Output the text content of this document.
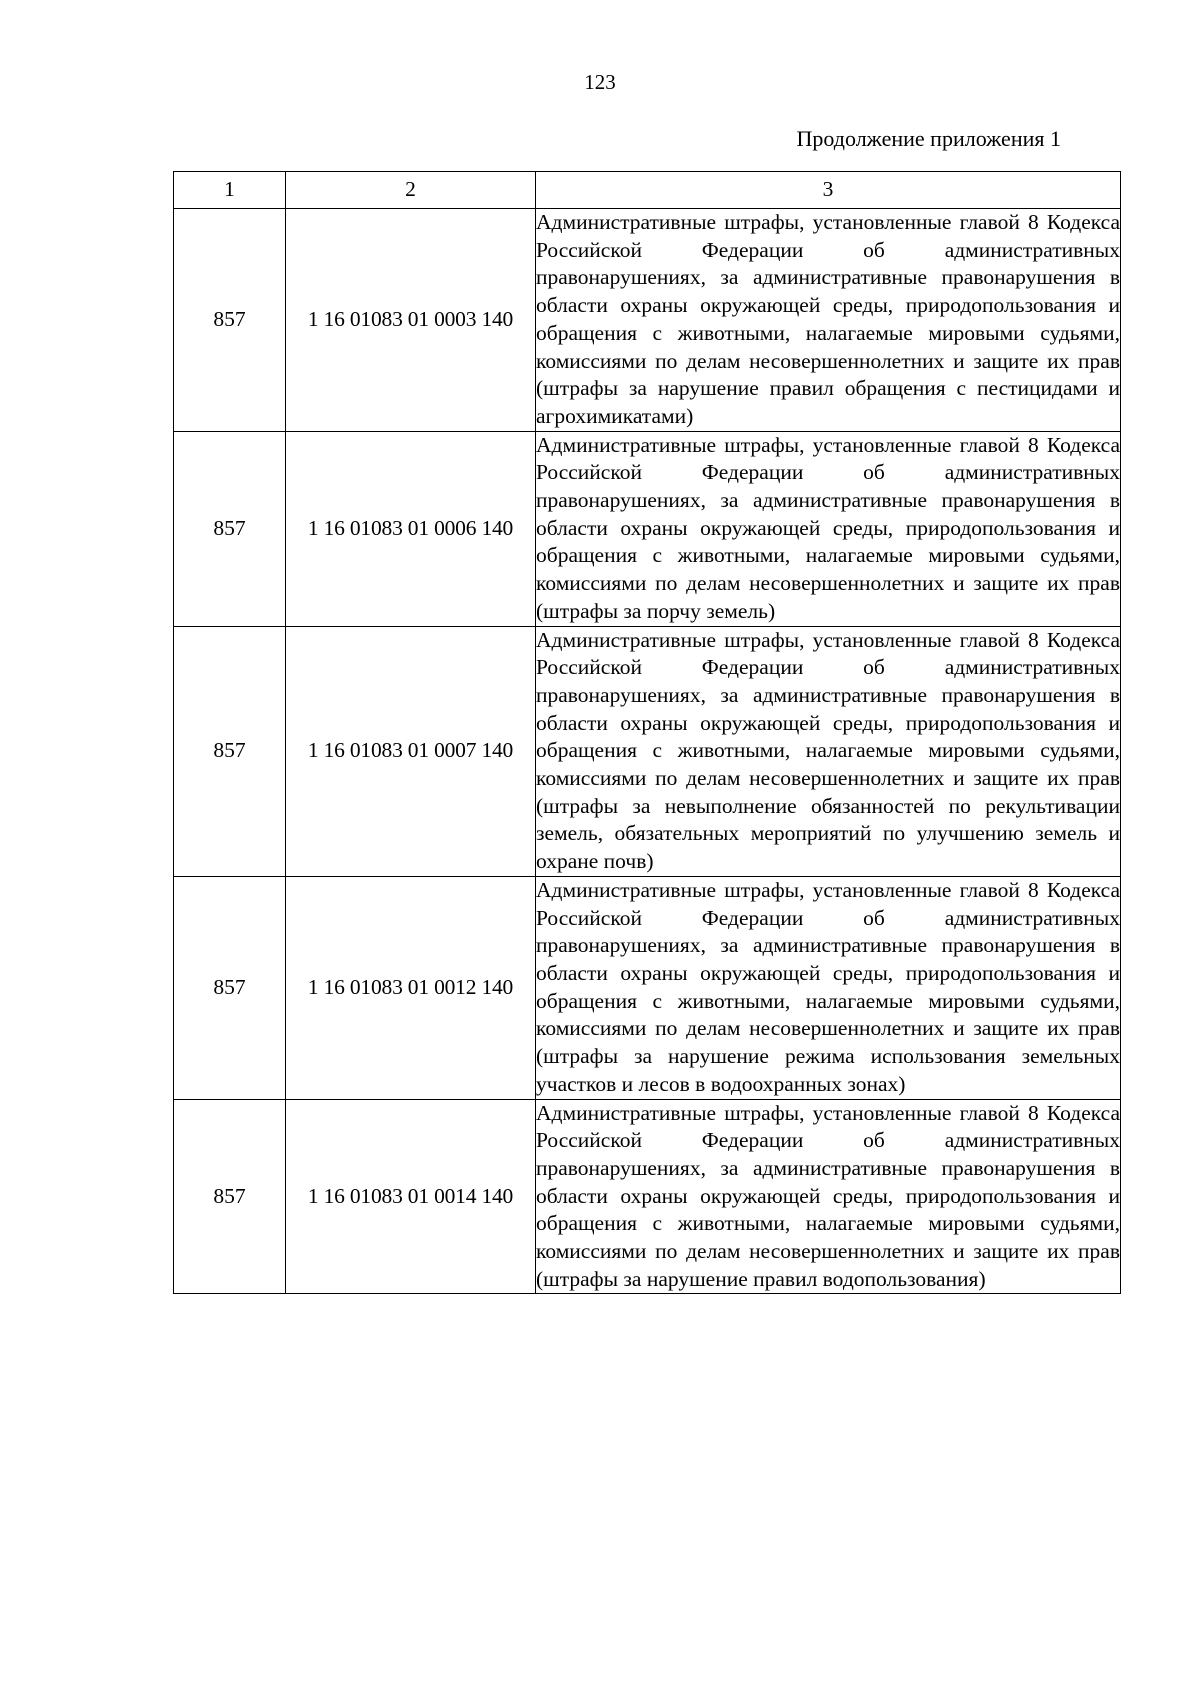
123
Продолжение приложения 1
1	2	3
857	1 16 01083 01 0003 140	Административные штрафы, установленные главой 8 Кодекса Российской Федерации об административных правонарушениях, за административные правонарушения в области охраны окружающей среды, природопользования и обращения с животными, налагаемые мировыми судьями, комиссиями по делам несовершеннолетних и защите их прав (штрафы за нарушение правил обращения с пестицидами и агрохимикатами)
857	1 16 01083 01 0006 140	Административные штрафы, установленные главой 8 Кодекса Российской Федерации об административных правонарушениях, за административные правонарушения в области охраны окружающей среды, природопользования и обращения с животными, налагаемые мировыми судьями, комиссиями по делам несовершеннолетних и защите их прав (штрафы за порчу земель)
857	1 16 01083 01 0007 140	Административные штрафы, установленные главой 8 Кодекса Российской Федерации об административных правонарушениях, за административные правонарушения в области охраны окружающей среды, природопользования и обращения с животными, налагаемые мировыми судьями, комиссиями по делам несовершеннолетних и защите их прав (штрафы за невыполнение обязанностей по рекультивации земель, обязательных мероприятий по улучшению земель и охране почв)
857	1 16 01083 01 0012 140	Административные штрафы, установленные главой 8 Кодекса Российской Федерации об административных правонарушениях, за административные правонарушения в области охраны окружающей среды, природопользования и обращения с животными, налагаемые мировыми судьями, комиссиями по делам несовершеннолетних и защите их прав (штрафы за нарушение режима использования земельных участков и лесов в водоохранных зонах)
857	1 16 01083 01 0014 140	Административные штрафы, установленные главой 8 Кодекса Российской Федерации об административных правонарушениях, за административные правонарушения в области охраны окружающей среды, природопользования и обращения с животными, налагаемые мировыми судьями, комиссиями по делам несовершеннолетних и защите их прав (штрафы за нарушение правил водопользования)
